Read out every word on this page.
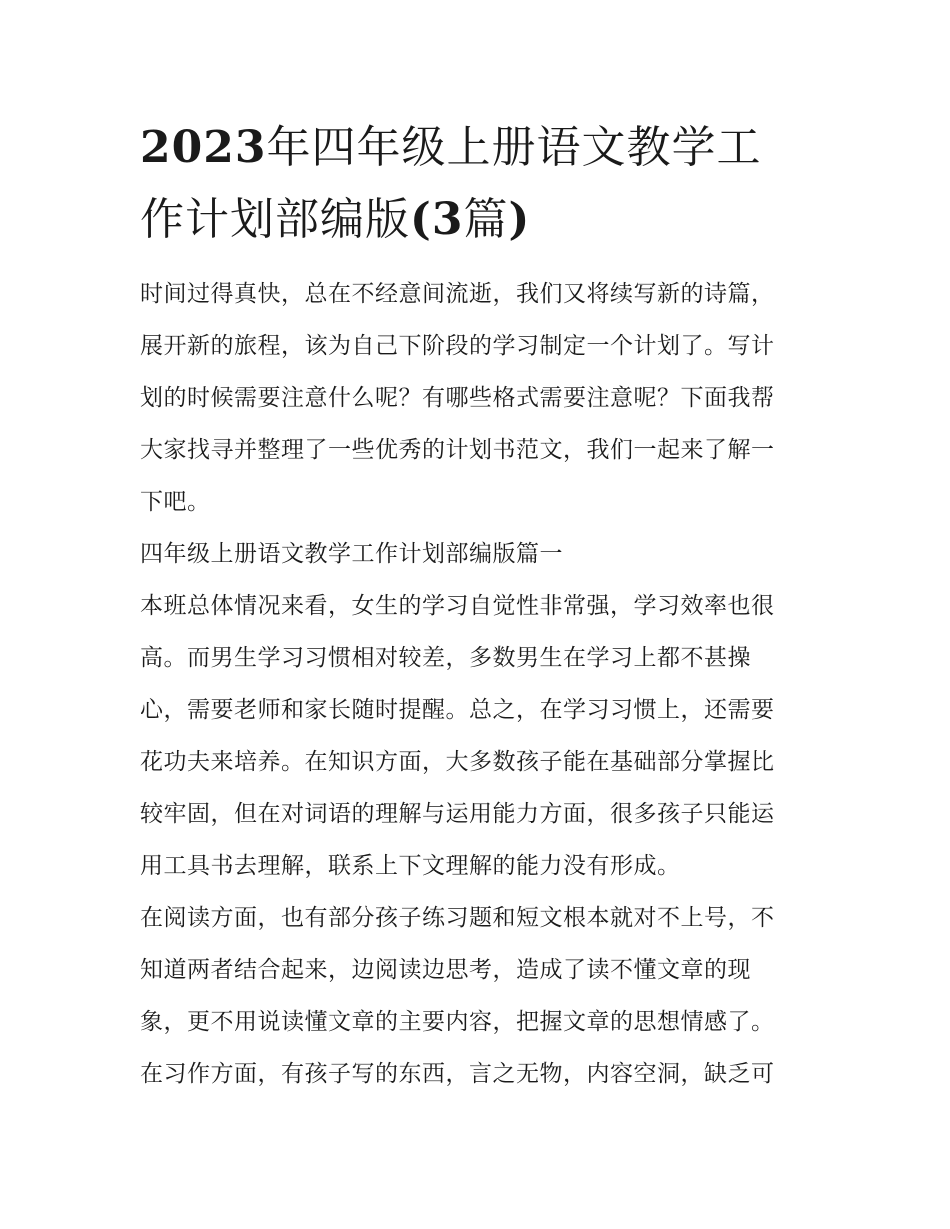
2023年四年级上册语文教学工
作计划部编版(3篇)

时间过得真快，总在不经意间流逝，我们又将续写新的诗篇，
展开新的旅程，该为自己下阶段的学习制定一个计划了。写计
划的时候需要注意什么呢？有哪些格式需要注意呢？下面我帮
大家找寻并整理了一些优秀的计划书范文，我们一起来了解一
下吧。

四年级上册语文教学工作计划部编版篇一

本班总体情况来看，女生的学习自觉性非常强，学习效率也很
高。而男生学习习惯相对较差，多数男生在学习上都不甚操
心，需要老师和家长随时提醒。总之，在学习习惯上，还需要
花功夫来培养。在知识方面，大多数孩子能在基础部分掌握比
较牢固，但在对词语的理解与运用能力方面，很多孩子只能运
用工具书去理解，联系上下文理解的能力没有形成。

在阅读方面，也有部分孩子练习题和短文根本就对不上号，不
知道两者结合起来，边阅读边思考，造成了读不懂文章的现
象，更不用说读懂文章的主要内容，把握文章的思想情感了。
在习作方面，有孩子写的东西，言之无物，内容空洞，缺乏可
